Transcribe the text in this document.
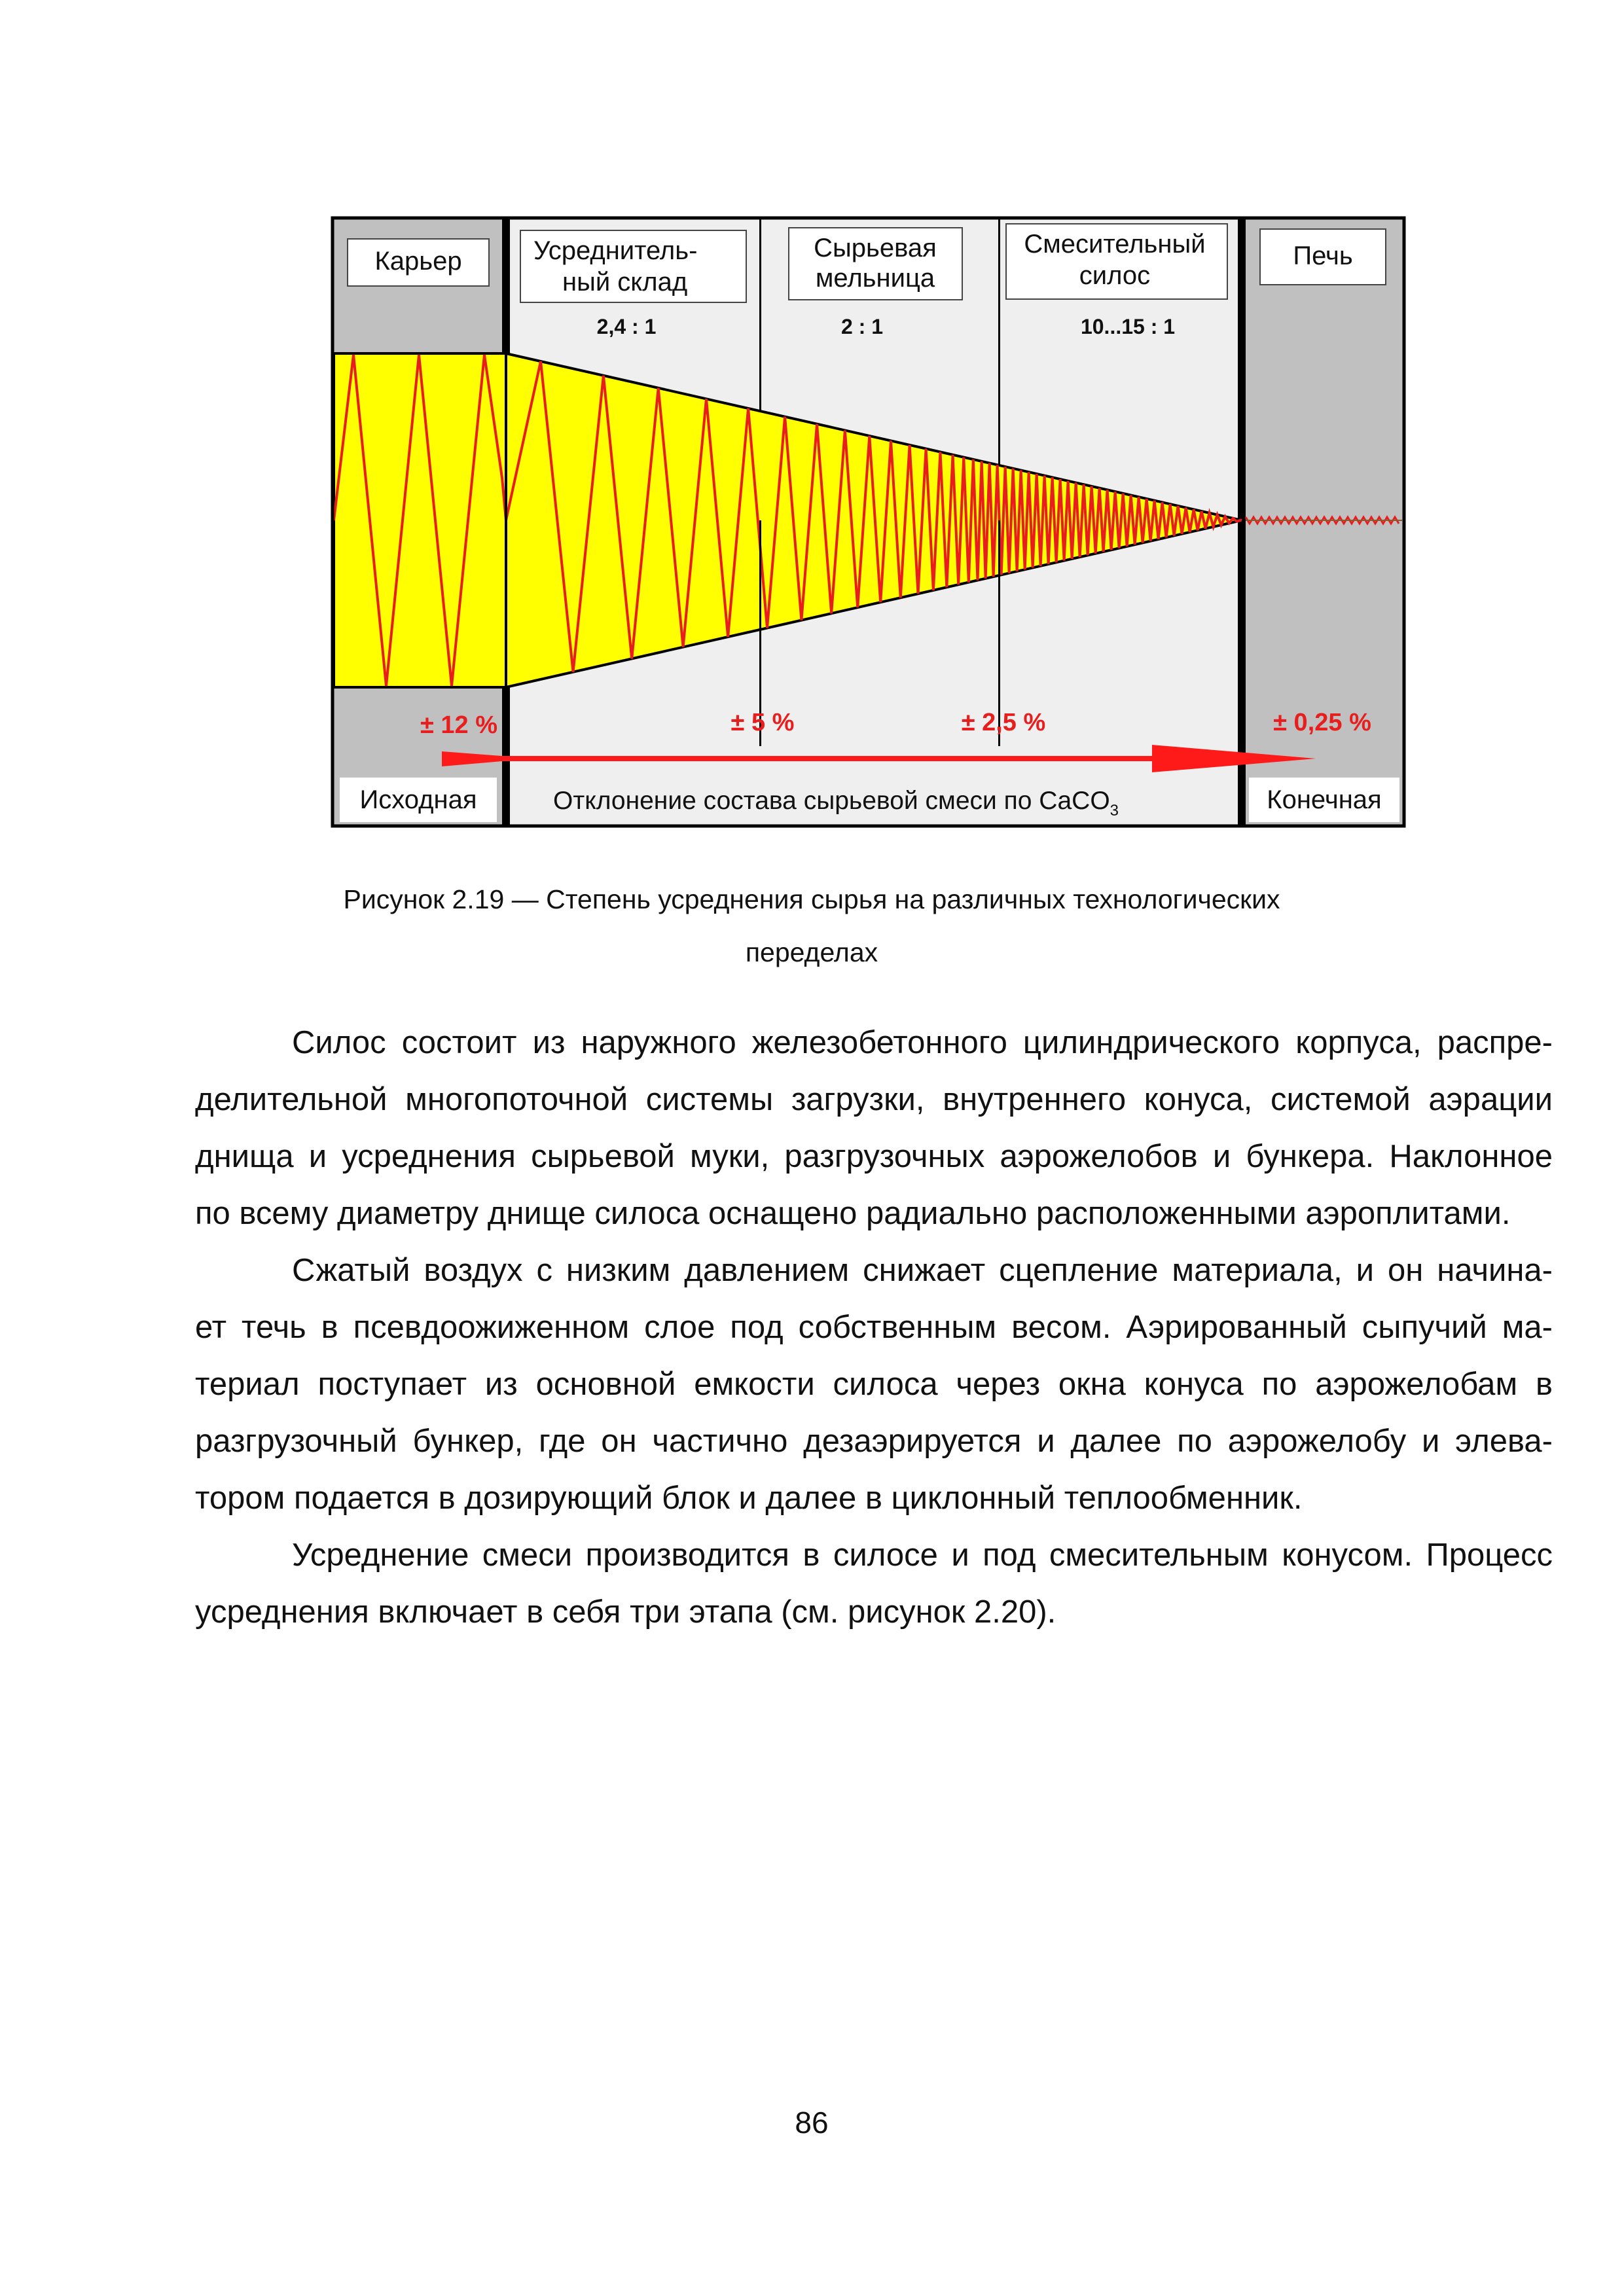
Карьер	Усреднитель-
ный склад
2,4 : 1
Сырьевая
мельница
2 : 1
Смесительный
силос
10...15 : 1
Печь
± 12 %	± 5 %	± 2,5 %	± 0,25 %
Исходная	Отклонение состава сырьевой смеси по CaCO$_3$	Конечная
Рисунок 2.19 — Степень усреднения сырья на различных технологических
переделах
Силос состоит из наружного железобетонного цилиндрического корпуса, распре-
делительной многопоточной системы загрузки, внутреннего конуса, системой аэрации
днища и усреднения сырьевой муки, разгрузочных аэрожелобов и бункера. Наклонное
по всему диаметру днище силоса оснащено радиально расположенными аэроплитами.
Сжатый воздух с низким давлением снижает сцепление материала, и он начина-
ет течь в псевдоожиженном слое под собственным весом. Аэрированный сыпучий ма-
териал поступает из основной емкости силоса через окна конуса по аэрожелобам в
разгрузочный бункер, где он частично дезаэрируется и далее по аэрожелобу и элева-
тором подается в дозирующий блок и далее в циклонный теплообменник.
Усреднение смеси производится в силосе и под смесительным конусом. Процесс
усреднения включает в себя три этапа (см. рисунок 2.20).
86
